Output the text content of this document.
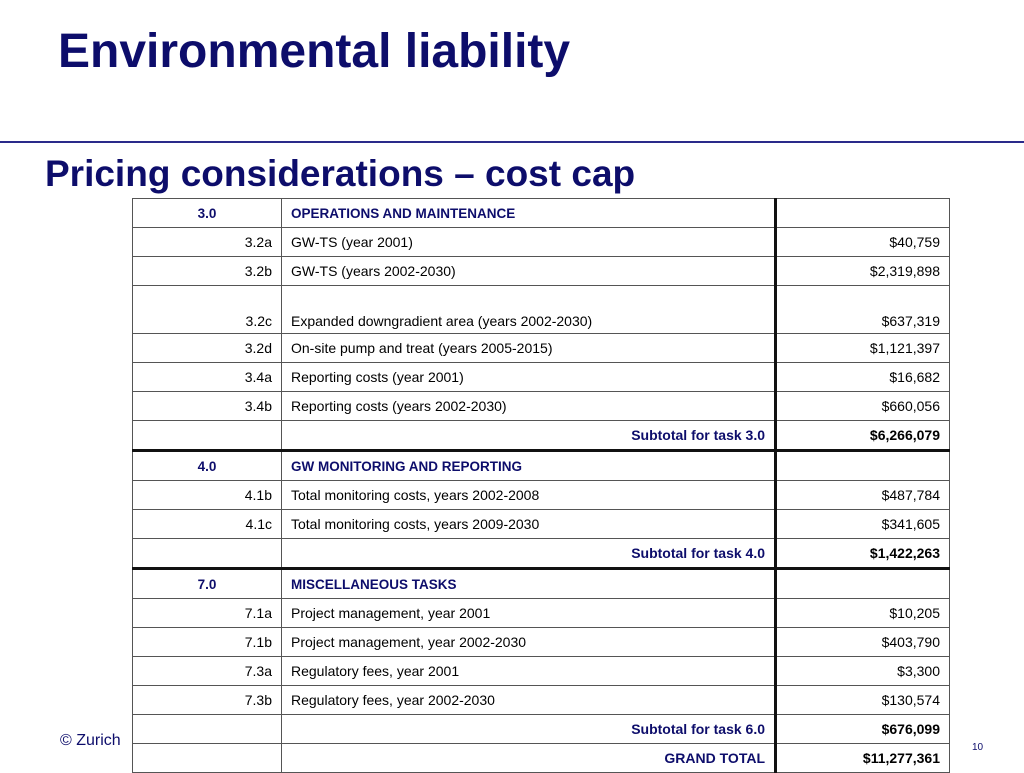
Environmental liability
Pricing considerations – cost cap
3.0	OPERATIONS AND MAINTENANCE	
3.2a	GW-TS (year 2001)	$40,759
3.2b	GW-TS (years 2002-2030)	$2,319,898
3.2c	Expanded downgradient area (years 2002-2030)	$637,319
3.2d	On-site pump and treat (years 2005-2015)	$1,121,397
3.4a	Reporting costs (year 2001)	$16,682
3.4b	Reporting costs (years 2002-2030)	$660,056
	Subtotal for task 3.0	$6,266,079
4.0	GW MONITORING AND REPORTING	
4.1b	Total monitoring costs, years 2002-2008	$487,784
4.1c	Total monitoring costs, years 2009-2030	$341,605
	Subtotal for task 4.0	$1,422,263
7.0	MISCELLANEOUS TASKS	
7.1a	Project management, year 2001	$10,205
7.1b	Project management, year 2002-2030	$403,790
7.3a	Regulatory fees, year 2001	$3,300
7.3b	Regulatory fees, year 2002-2030	$130,574
	Subtotal for task 6.0	$676,099
	GRAND TOTAL	$11,277,361
© Zurich	10
